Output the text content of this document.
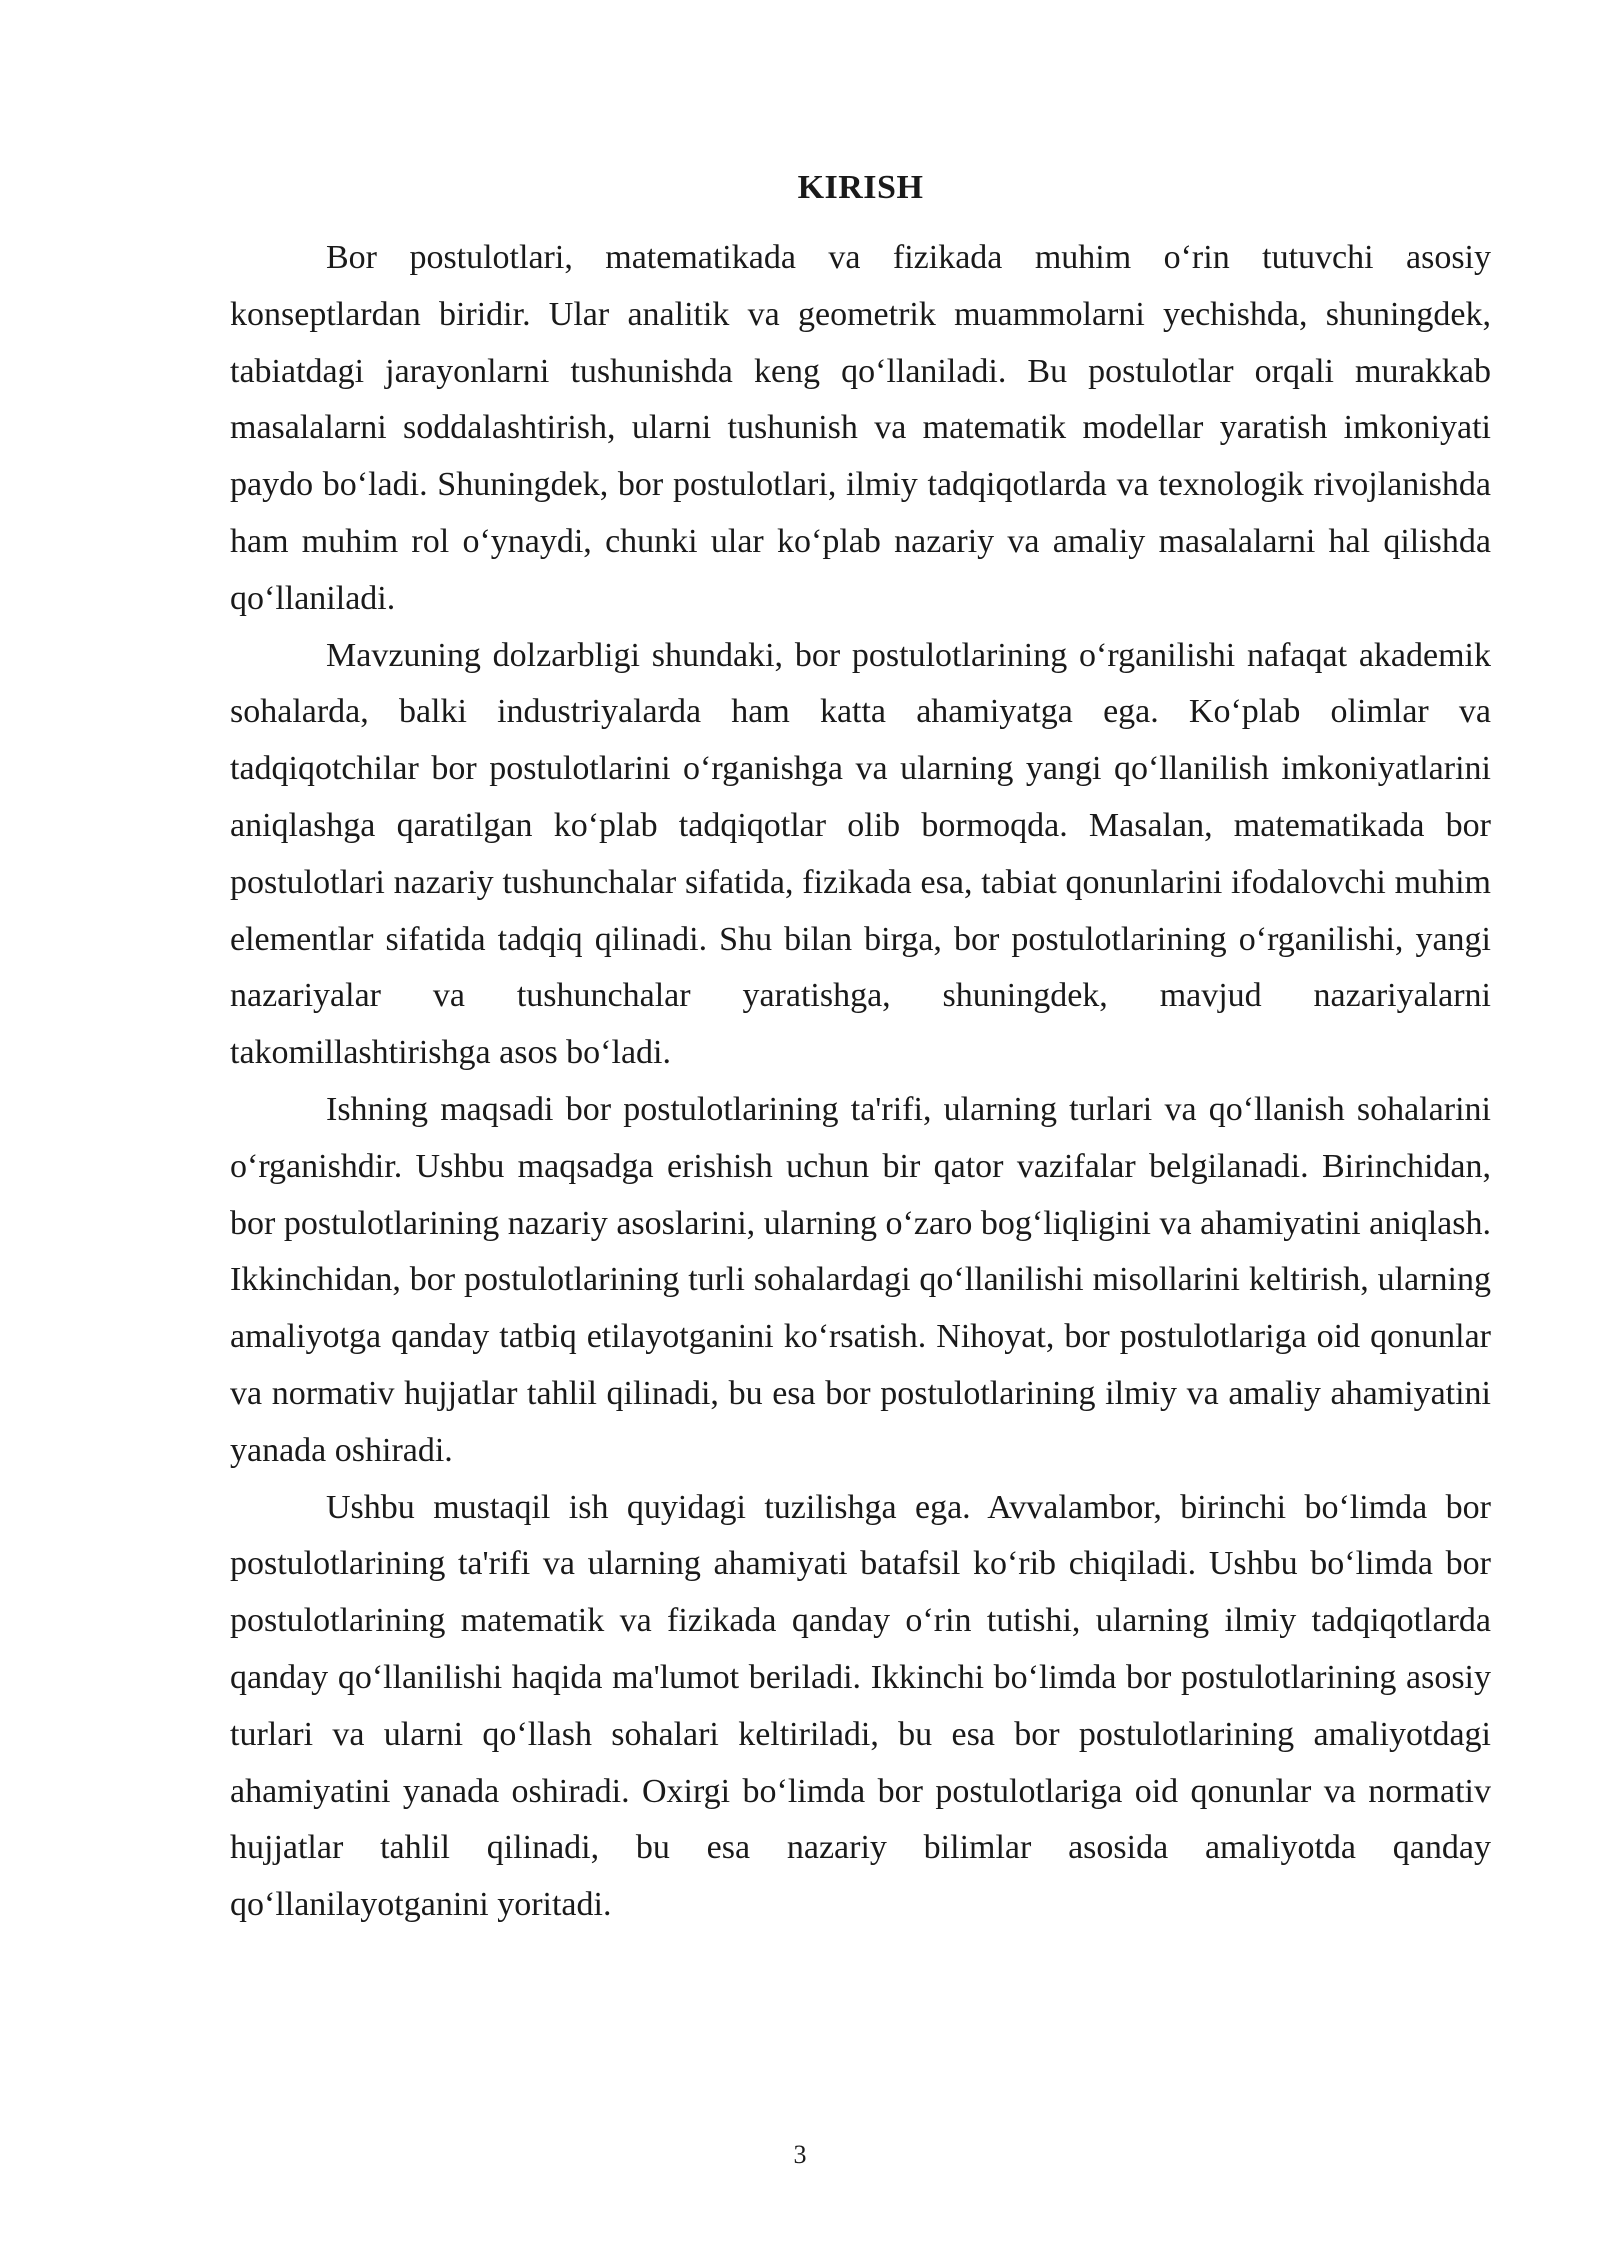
KIRISH

Bor postulotlari, matematikada va fizikada muhim oʻrin tutuvchi asosiy konseptlardan biridir. Ular analitik va geometrik muammolarni yechishda, shuningdek, tabiatdagi jarayonlarni tushunishda keng qoʻllaniladi. Bu postulotlar orqali murakkab masalalarni soddalashtirish, ularni tushunish va matematik modellar yaratish imkoniyati paydo boʻladi. Shuningdek, bor postulotlari, ilmiy tadqiqotlarda va texnologik rivojlanishda ham muhim rol oʻynaydi, chunki ular koʻplab nazariy va amaliy masalalarni hal qilishda qoʻllaniladi.

Mavzuning dolzarbligi shundaki, bor postulotlarining oʻrganilishi nafaqat akademik sohalarda, balki industriyalarda ham katta ahamiyatga ega. Koʻplab olimlar va tadqiqotchilar bor postulotlarini oʻrganishga va ularning yangi qoʻllanilish imkoniyatlarini aniqlashga qaratilgan koʻplab tadqiqotlar olib bormoqda. Masalan, matematikada bor postulotlari nazariy tushunchalar sifatida, fizikada esa, tabiat qonunlarini ifodalovchi muhim elementlar sifatida tadqiq qilinadi. Shu bilan birga, bor postulotlarining oʻrganilishi, yangi nazariyalar va tushunchalar yaratishga, shuningdek, mavjud nazariyalarni takomillashtirishga asos boʻladi.

Ishning maqsadi bor postulotlarining ta'rifi, ularning turlari va qoʻllanish sohalarini oʻrganishdir. Ushbu maqsadga erishish uchun bir qator vazifalar belgilanadi. Birinchidan, bor postulotlarining nazariy asoslarini, ularning oʻzaro bogʻliqligini va ahamiyatini aniqlash. Ikkinchidan, bor postulotlarining turli sohalardagi qoʻllanilishi misollarini keltirish, ularning amaliyotga qanday tatbiq etilayotganini koʻrsatish. Nihoyat, bor postulotlariga oid qonunlar va normativ hujjatlar tahlil qilinadi, bu esa bor postulotlarining ilmiy va amaliy ahamiyatini yanada oshiradi.

Ushbu mustaqil ish quyidagi tuzilishga ega. Avvalambor, birinchi boʻlimda bor postulotlarining ta'rifi va ularning ahamiyati batafsil koʻrib chiqiladi. Ushbu boʻlimda bor postulotlarining matematik va fizikada qanday oʻrin tutishi, ularning ilmiy tadqiqotlarda qanday qoʻllanilishi haqida ma'lumot beriladi. Ikkinchi boʻlimda bor postulotlarining asosiy turlari va ularni qoʻllash sohalari keltiriladi, bu esa bor postulotlarining amaliyotdagi ahamiyatini yanada oshiradi. Oxirgi boʻlimda bor postulotlariga oid qonunlar va normativ hujjatlar tahlil qilinadi, bu esa nazariy bilimlar asosida amaliyotda qanday qoʻllanilayotganini yoritadi.

3
